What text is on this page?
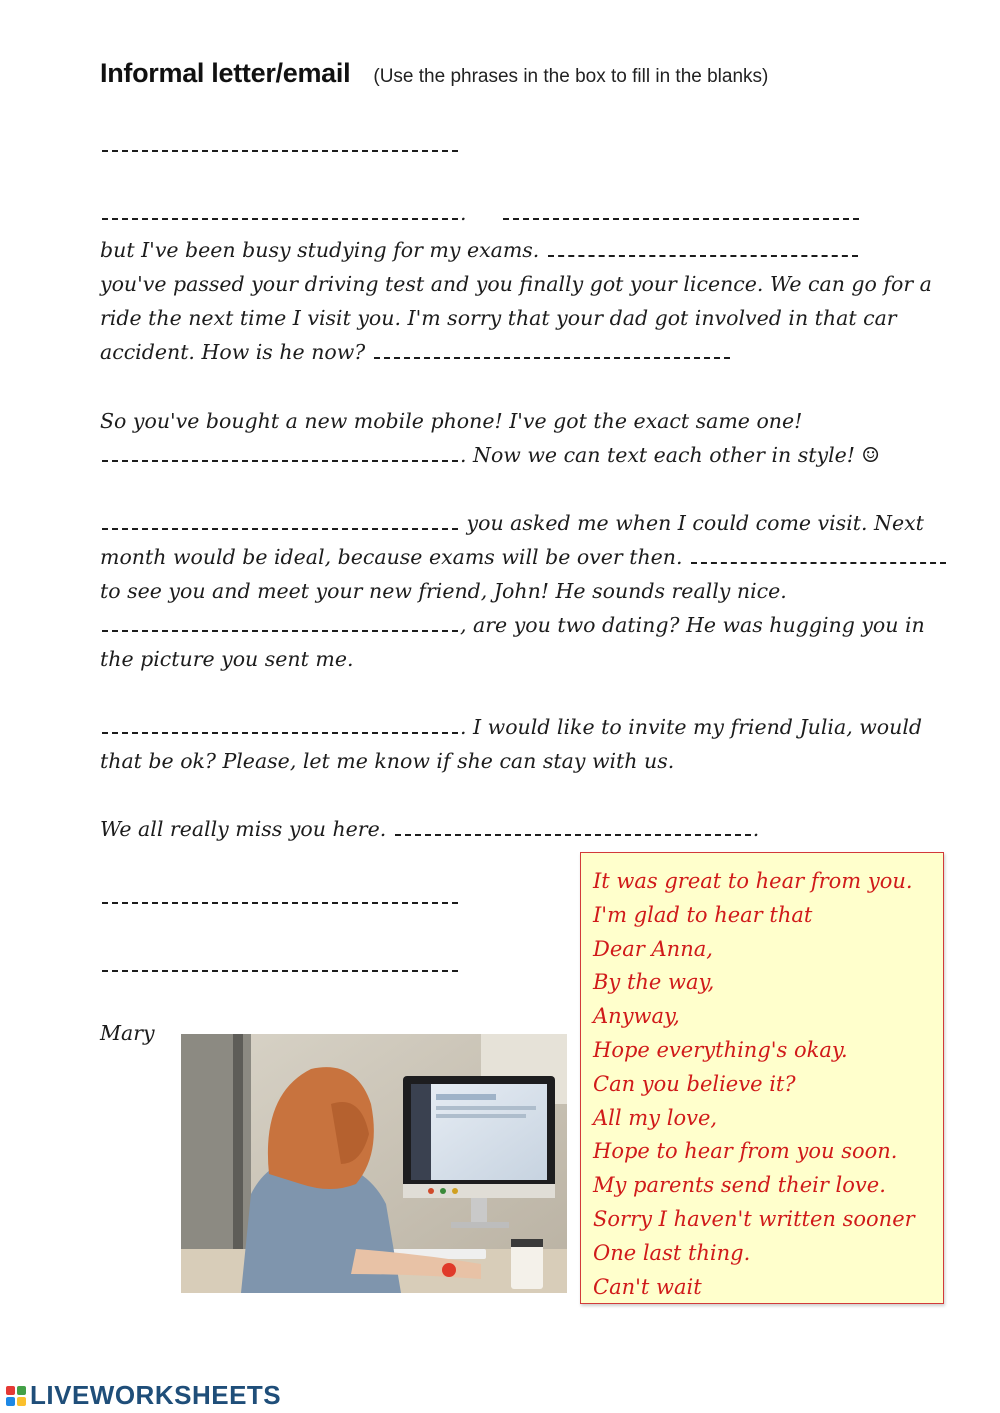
Informal letter/email (Use the phrases in the box to fill in the blanks)
.
but I've been busy studying for my exams.
you've passed your driving test and you finally got your licence. We can go for a
ride the next time I visit you. I'm sorry that your dad got involved in that car
accident. How is he now?
So you've bought a new mobile phone! I've got the exact same one!
. Now we can text each other in style! ☺
you asked me when I could come visit. Next
month would be ideal, because exams will be over then.
to see you and meet your new friend, John! He sounds really nice.
, are you two dating? He was hugging you in
the picture you sent me.
. I would like to invite my friend Julia, would
that be ok? Please, let me know if she can stay with us.
We all really miss you here.	.
Mary
It was great to hear from you.
I'm glad to hear that
Dear Anna,
By the way,
Anyway,
Hope everything's okay.
Can you believe it?
All my love,
Hope to hear from you soon.
My parents send their love.
Sorry I haven't written sooner
One last thing.
Can't wait
LIVEWORKSHEETS
